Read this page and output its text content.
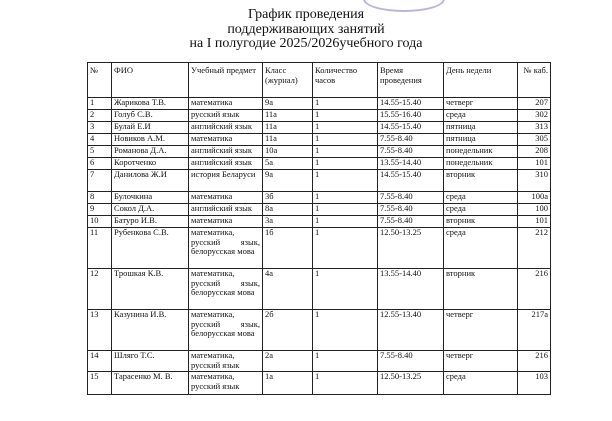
График проведения
поддерживающих занятий
на I полугодие 2025/2026учебного года
№	ФИО	Учебный предмет	Класс (журнал)	Количество часов	Время проведения	День недели	№ каб.
1	Жарикова Т.В.	математика	9а	1	14.55-15.40	четверг	207
2	Голуб С.В.	русский язык	11а	1	15.55-16.40	среда	302
3	Булай Е.И	английский язык	11а	1	14.55-15.40	пятница	313
4	Новиков А.М.	математика	11а	1	7.55-8.40	пятница	305
5	Романова Д.А.	английский язык	10а	1	7.55-8.40	понедельник	208
6	Коротченко	английский язык	5а	1	13.55-14.40	понедельник	101
7	Данилова Ж.И	история Беларуси	9а	1	14.55-15.40	вторник	310
8	Булочкина	математика	3б	1	7.55-8.40	среда	100а
9	Сокол Д.А.	английский язык	8а	1	7.55-8.40	среда	100
10	Батуро И.В.	математика	3а	1	7.55-8.40	вторник	101
11	Рубенкова С.В.	математика, русский язык, белорусская мова	1б	1	12.50-13.25	среда	212
12	Трошкая К.В.	математика, русский язык, белорусская мова	4а	1	13.55-14.40	вторник	216
13	Казунина И.В.	математика, русский язык, белорусская мова	2б	1	12.55-13.40	четверг	217а
14	Шляго Т.С.	математика, русский язык	2а	1	7.55-8.40	четверг	216
15	Тарасенко М. В.	математика, русский язык	1а	1	12.50-13.25	среда	103
